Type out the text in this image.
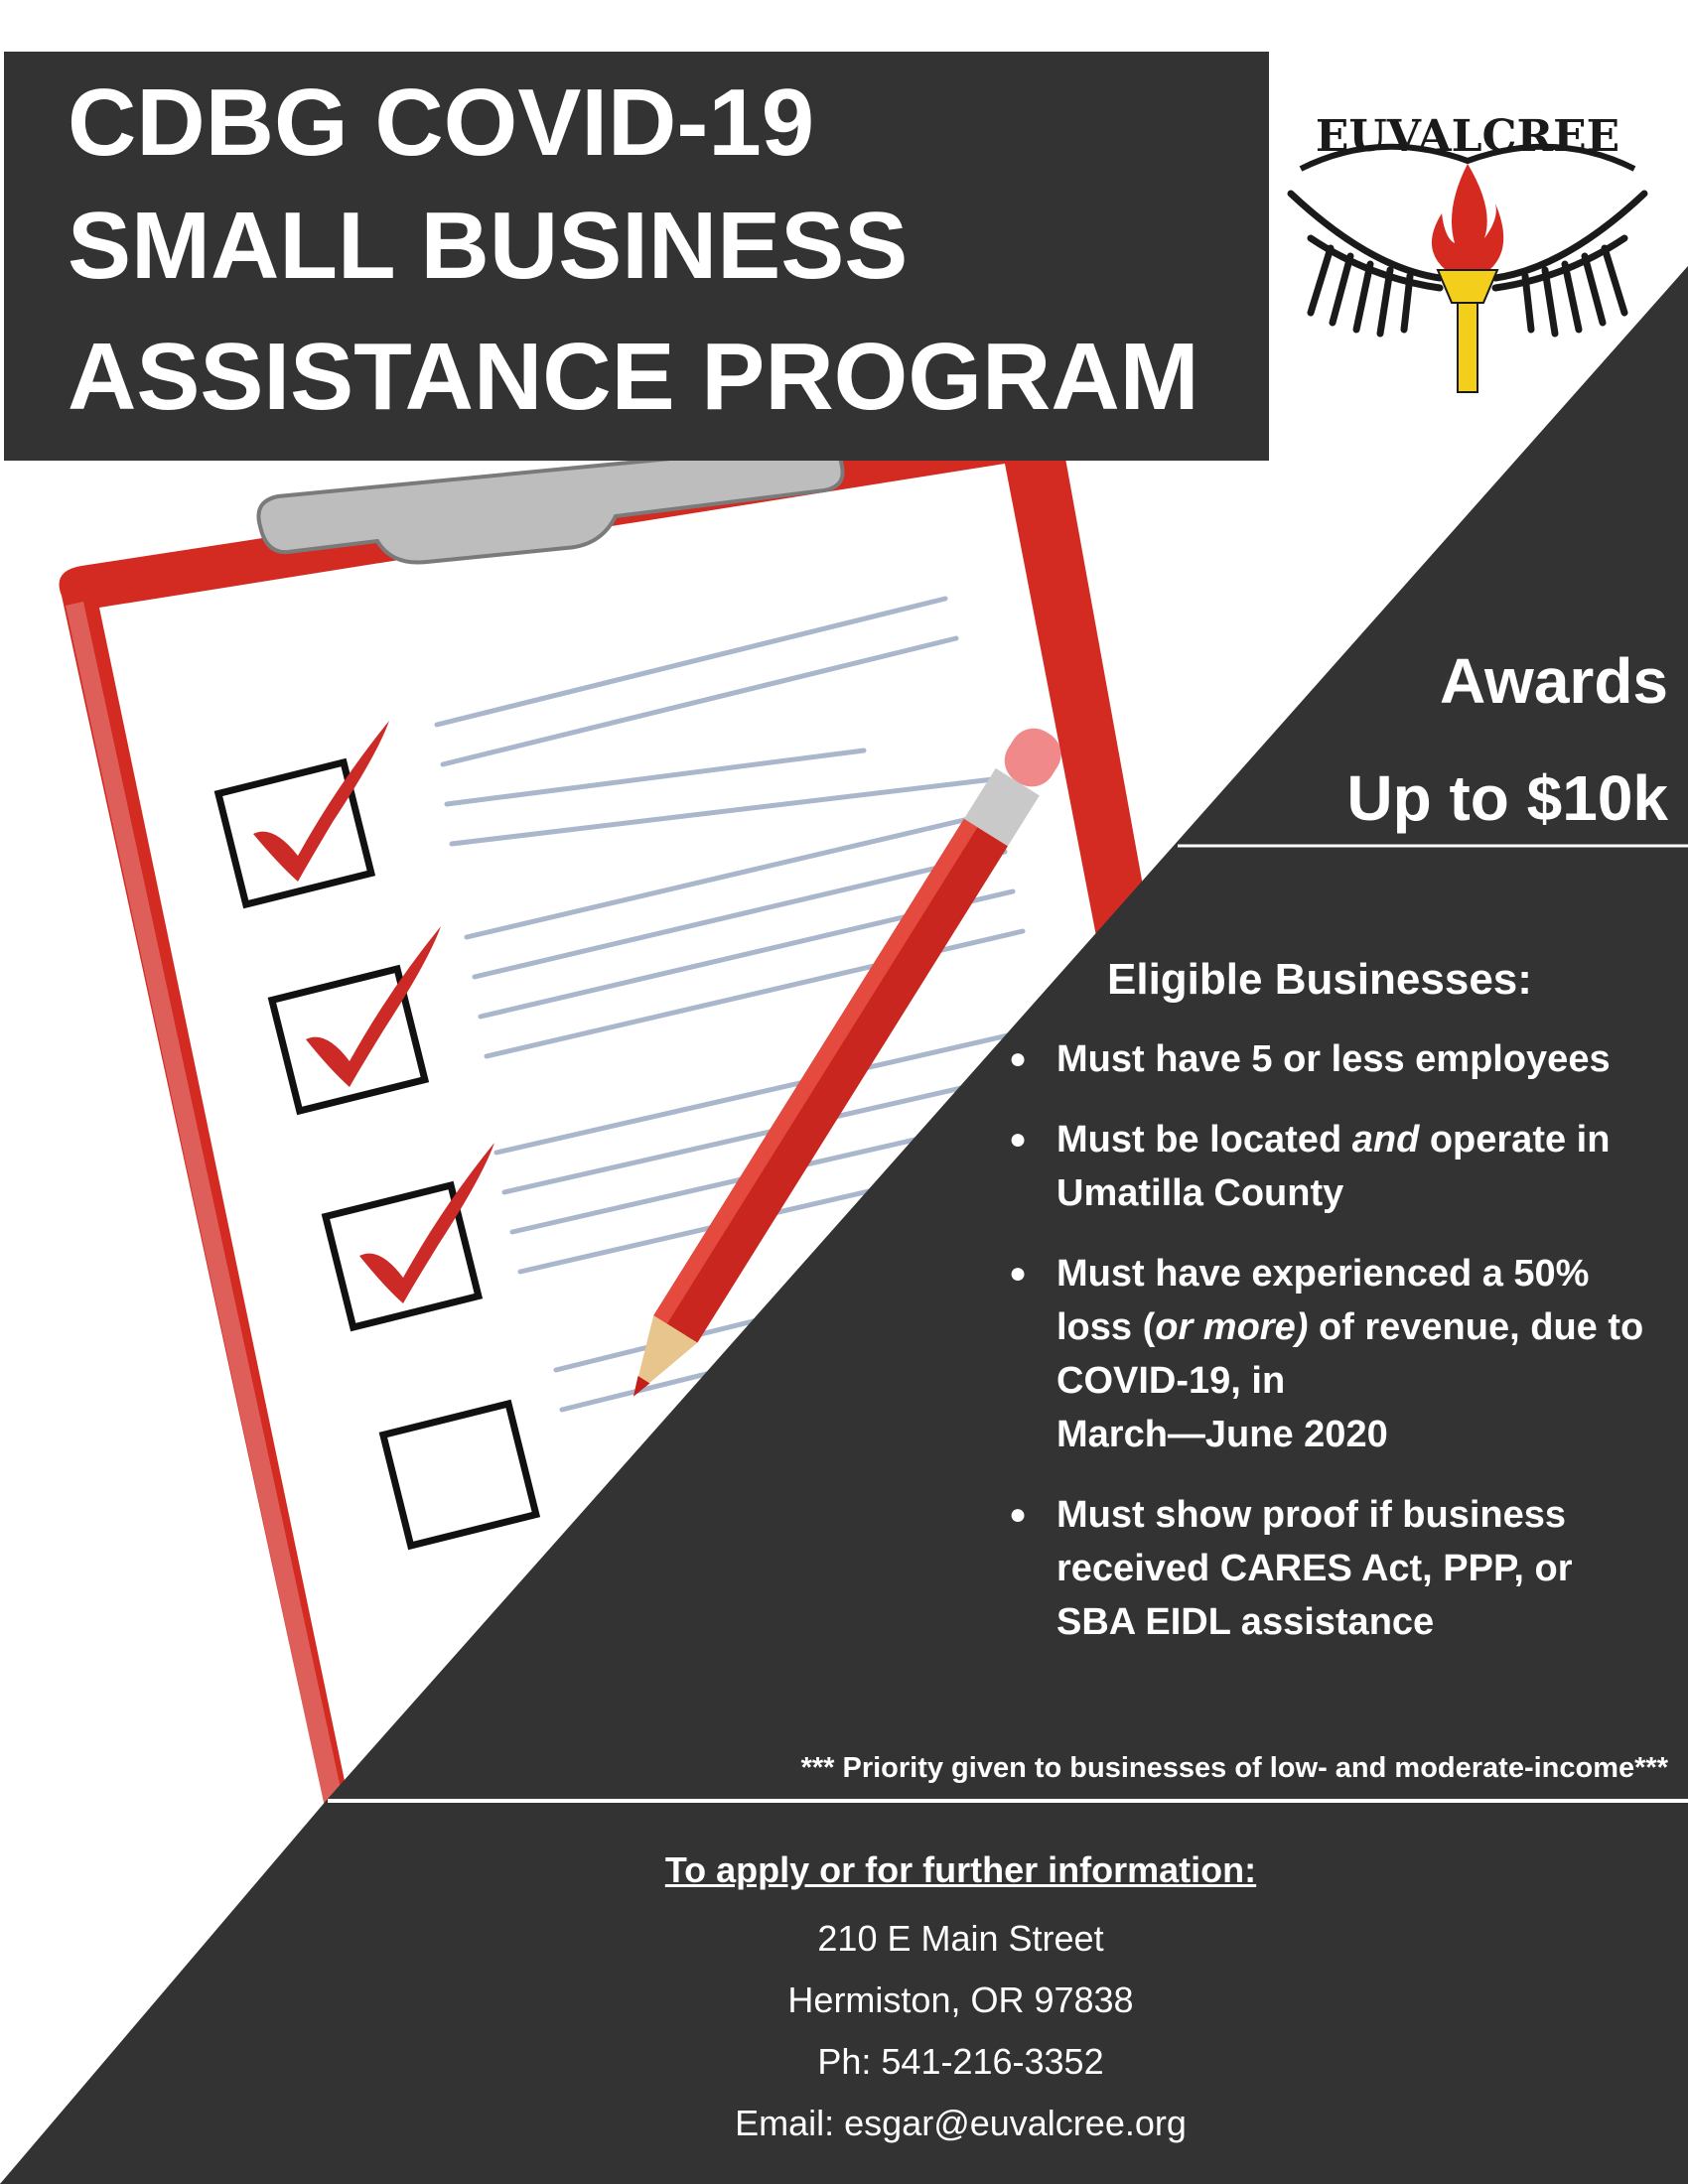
CDBG COVID-19
SMALL BUSINESS
ASSISTANCE PROGRAM
EUVALCREE
Awards
Up to $10k
Eligible Businesses:
● Must have 5 or less employees
● Must be located and operate in Umatilla County
● Must have experienced a 50% loss (or more) of revenue, due to COVID-19, in
March—June 2020
● Must show proof if business received CARES Act, PPP, or SBA EIDL assistance
*** Priority given to businesses of low- and moderate-income***
To apply or for further information:
210 E Main Street
Hermiston, OR 97838
Ph: 541-216-3352
Email: esgar@euvalcree.org
